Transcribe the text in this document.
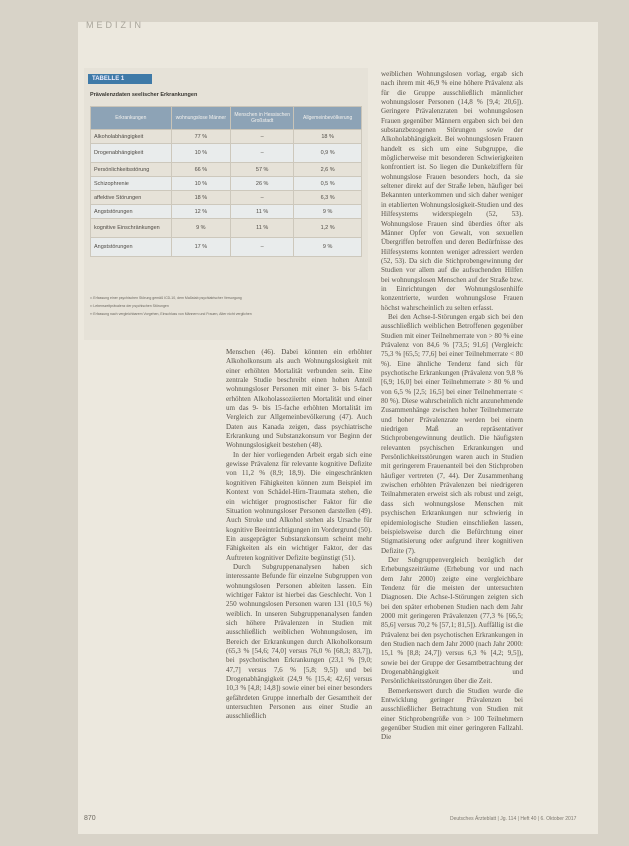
MEDIZIN
TABELLE 1
Prävalenzdaten seelischer Erkrankungen
Erkrankungen	wohnungslose Männer	Menschen in Hessischen Großstadt	Allgemeinbevölkerung
Alkoholabhängigkeit	77 %	–	18 %
Drogenabhängigkeit	10 %	–	0,9 %
Persönlichkeitsstörung	66 %	57 %	2,6 %
Schizophrenie	10 %	26 %	0,5 %
affektive Störungen	18 %	–	6,3 %
Angststörungen	12 %	11 %	9 %
kognitive Einschränkungen	9 %	11 %	1,2 %
Angststörungen	17 %	–	9 %
¹¹ Erfassung einer psychischen Störung gemäß ICD-10, dem Maßstab psychiatrischer Versorgung
²² Lebenszeitprävalenz der psychischen Störungen
³³ Erfassung nach vergleichbarem Vorgehen, Einschluss von Männern und Frauen, Alter nicht verglichen

Menschen (46). Dabei könnten ein erhöhter Alkoholkonsum als auch Wohnungslosigkeit mit einer erhöhten Mortalität verbunden sein. Eine zentrale Studie beschreibt einen hohen Anteil wohnungsloser Personen mit einer 3- bis 5-fach erhöhten Alkoholassoziierten Mortalität und einer um das 9- bis 15-fache erhöhten Mortalität im Vergleich zur Allgemeinbevölkerung (47). Auch Daten aus Kanada zeigen, dass psychiatrische Erkrankung und Substanzkonsum vor Beginn der Wohnungslosigkeit bestehen (48).

In der hier vorliegenden Arbeit ergab sich eine gewisse Prävalenz für relevante kognitive Defizite von 11,2 % (8,9; 18,9). Die eingeschränkten kognitiven Fähigkeiten können zum Beispiel im Kontext von Schädel-Hirn-Traumata stehen, die ein wichtiger prognostischer Faktor für die Situation wohnungsloser Personen darstellen (49). Auch Stroke und Alkohol stehen als Ursache für kognitive Beeinträchtigungen im Vordergrund (50). Ein ausgeprägter Substanzkonsum scheint mehr Fähigkeiten als ein wichtiger Faktor, der das Auftreten kognitiver Defizite begünstigt (51).

Durch Subgruppenanalysen haben sich interessante Befunde für einzelne Subgruppen von wohnungslosen Personen ableiten lassen. Ein wichtiger Faktor ist hierbei das Geschlecht. Von 1 250 wohnungslosen Personen waren 131 (10,5 %) weiblich. In unseren Subgruppenanalysen fanden sich höhere Prävalenzen in Studien mit ausschließlich weiblichen Wohnungslosen, im Bereich der Erkrankungen durch Alkoholkonsum (65,3 % [54,6; 74,0] versus 76,0 % [68,3; 83,7]), bei psychotischen Erkrankungen (23,1 % [9,0; 47,7] versus 7,6 % [5,8; 9,5]) und bei Drogenabhängigkeit (24,9 % [15,4; 42,6] versus 10,3 % [4,8; 14,8]) sowie einer bei einer besonders gefährdeten Gruppe innerhalb der Gesamtheit der untersuchten Personen aus einer Studie an ausschließlich

weiblichen Wohnungslosen vorlag, ergab sich nach ihrem mit 46,9 % eine höhere Prävalenz als für die Gruppe ausschließlich männlicher wohnungsloser Personen (14,8 % [9,4; 20,6]). Geringere Prävalenzraten bei wohnungslosen Frauen gegenüber Männern ergaben sich bei den substanzbezogenen Störungen sowie der Alkoholabhängigkeit. Bei wohnungslosen Frauen handelt es sich um eine Subgruppe, die möglicherweise mit besonderen Schwierigkeiten konfrontiert ist. So liegen die Dunkelziffern für wohnungslose Frauen besonders hoch, da sie seltener direkt auf der Straße leben, häufiger bei Bekannten unterkommen und sich daher weniger in etablierten Wohnungslosigkeit-Studien und des Hilfesystems widerspiegeln (52, 53). Wohnungslose Frauen sind überdies öfter als Männer Opfer von Gewalt, von sexuellen Übergriffen betroffen und deren Bedürfnisse des Hilfesystems konnten weniger adressiert werden (52, 53). Da sich die Stichprobengewinnung der Studien vor allem auf die aufsuchenden Hilfen bei wohnungslosen Menschen auf der Straße bzw. in Einrichtungen der Wohnungslosenhilfe konzentrierte, wurden wohnungslose Frauen höchst wahrscheinlich zu selten erfasst.

Bei den Achse-I-Störungen ergab sich bei den ausschließlich weiblichen Betroffenen gegenüber Studien mit einer Teilnehmerrate von > 80 % eine Prävalenz von 84,6 % [73,5; 91,6] (Vergleich: 75,3 % [65,5; 77,6] bei einer Teilnehmerrate < 80 %). Eine ähnliche Tendenz fand sich für psychotische Erkrankungen (Prävalenz von 9,8 % [6,9; 16,0] bei einer Teilnehmerrate > 80 % und von 6,5 % [2,5; 16,5] bei einer Teilnehmerrate < 80 %). Diese wahrscheinlich nicht anzunehmende Zusammenhänge zwischen hoher Teilnehmerrate und hoher Prävalenzrate werden bei einem niedrigen Maß an repräsentativer Stichprobengewinnung deutlich. Die häufigsten relevanten psychischen Erkrankungen und Persönlichkeitsstörungen waren auch in Studien mit geringerem Frauenanteil bei den Stichproben häufiger vertreten (7, 44). Der Zusammenhang zwischen erhöhten Prävalenzen bei niedrigeren Teilnahmeraten erweist sich als robust und zeigt, dass sich wohnungslose Menschen mit psychischen Erkrankungen nur schwierig in epidemiologische Studien einschließen lassen, beispielsweise durch die Befürchtung einer Stigmatisierung oder aufgrund ihrer kognitiven Defizite (7).

Der Subgruppenvergleich bezüglich der Erhebungszeiträume (Erhebung vor und nach dem Jahr 2000) zeigte eine vergleichbare Tendenz für die meisten der untersuchten Diagnosen. Die Achse-I-Störungen zeigten sich bei den später erhobenen Studien nach dem Jahr 2000 mit geringeren Prävalenzen (77,3 % [66,5; 85,6] versus 70,2 % [57,1; 81,5]). Auffällig ist die Prävalenz bei den psychotischen Erkrankungen in den Studien nach dem Jahr 2000 (nach Jahr 2000: 15,1 % [8,8; 24,7]) versus 6,3 % [4,2; 9,5]), sowie bei der Gruppe der Gesamtbetrachtung der Drogenabhängigkeit und Persönlichkeitsstörungen über die Zeit.

Bemerkenswert durch die Studien wurde die Entwicklung geringer Prävalenzen bei ausschließlicher Betrachtung von Studien mit einer Stichprobengröße von > 100 Teilnehmern gegenüber Studien mit einer geringeren Fallzahl. Die

870	Deutsches Ärzteblatt | Jg. 114 | Heft 40 | 6. Oktober 2017
